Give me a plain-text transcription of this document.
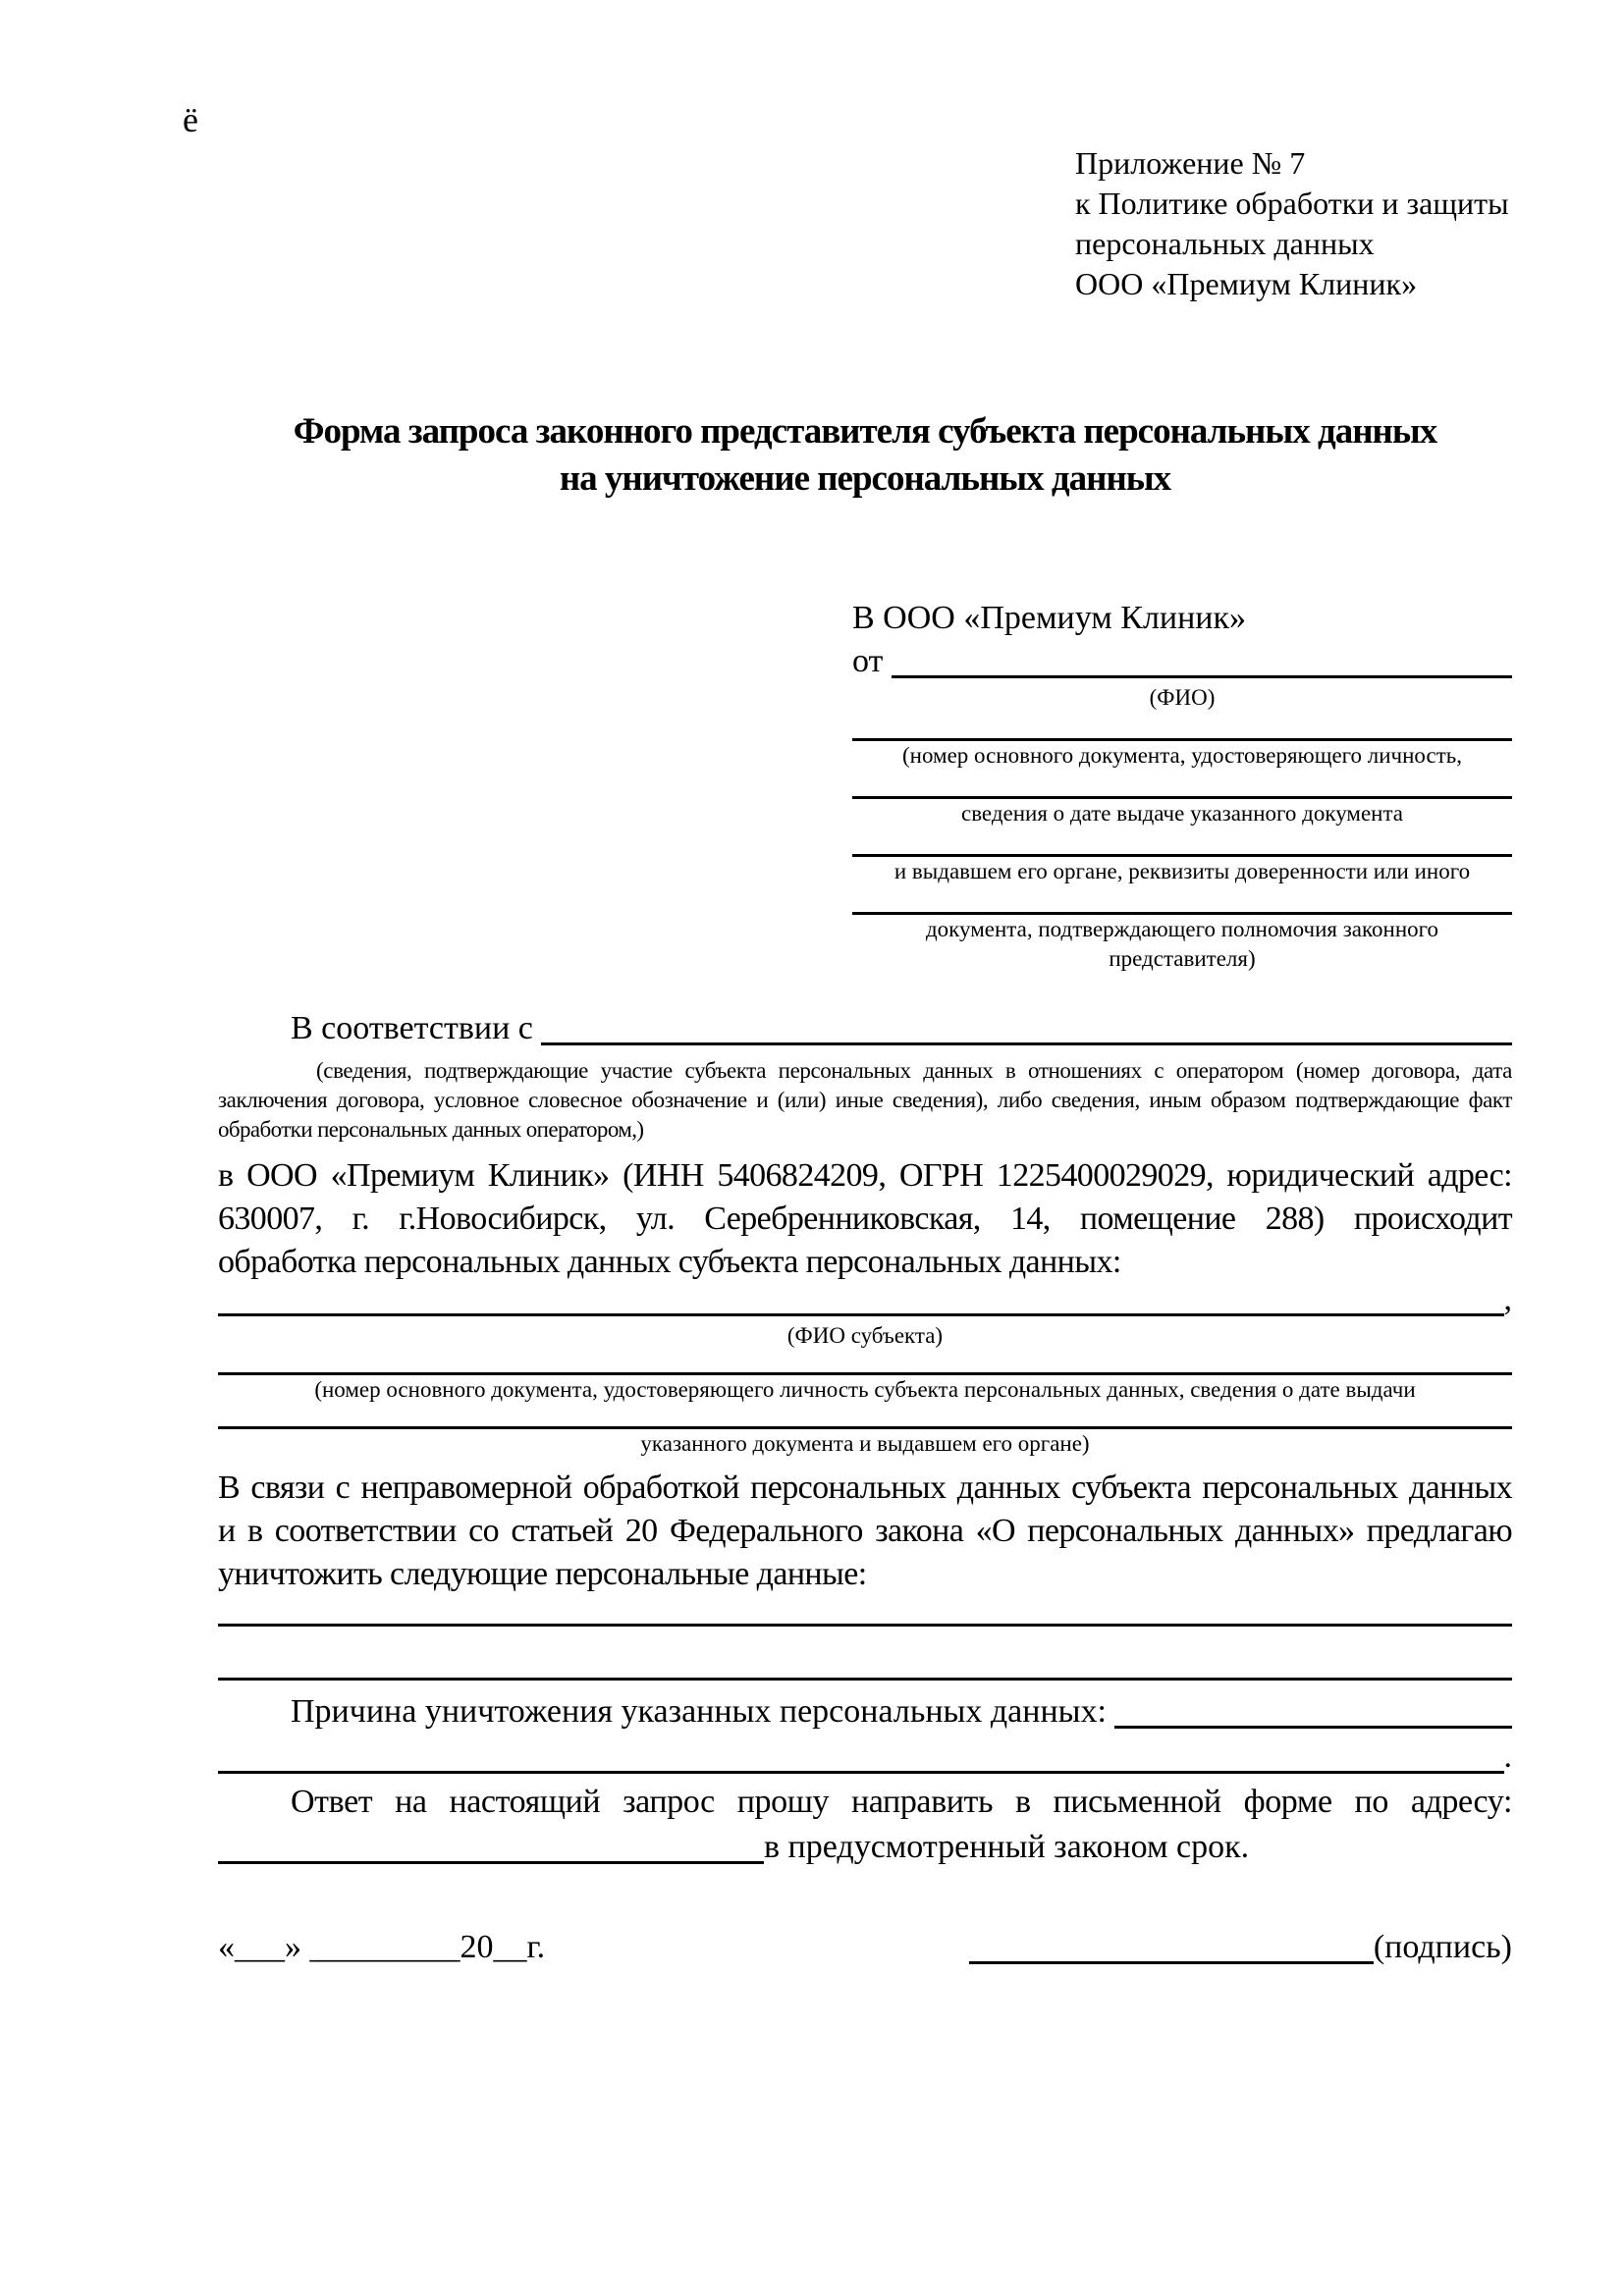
ё
Приложение № 7
к Политике обработки и защиты
персональных данных
ООО «Премиум Клиник»
Форма запроса законного представителя субъекта персональных данных
на уничтожение персональных данных
В ООО «Премиум Клиник»
от

(ФИО)
(номер основного документа, удостоверяющего личность,
сведения о дате выдаче указанного документа
и выдавшем его органе, реквизиты доверенности или иного
документа, подтверждающего полномочия законного представителя)
В соответствии с

(сведения, подтверждающие участие субъекта персональных данных в отношениях с оператором (номер договора, дата
заключения договора, условное словесное обозначение и (или) иные сведения), либо сведения, иным образом подтверждающие факт
обработки персональных данных оператором,)
в ООО «Премиум Клиник» (ИНН 5406824209, ОГРН 1225400029029, юридический адрес:
630007, г. г.Новосибирск, ул. Серебренниковская, 14, помещение 288) происходит
обработка персональных данных субъекта персональных данных:
,
(ФИО субъекта)
(номер основного документа, удостоверяющего личность субъекта персональных данных, сведения о дате выдачи
указанного документа и выдавшем его органе)
В связи с неправомерной обработкой персональных данных субъекта персональных данных
и в соответствии со статьей 20 Федерального закона «О персональных данных» предлагаю
уничтожить следующие персональные данные:
Причина уничтожения указанных персональных данных:

.
Ответ на настоящий запрос прошу направить в письменной форме по адресу:
в предусмотренный законом срок.
«___» _________20__г.	(подпись)
